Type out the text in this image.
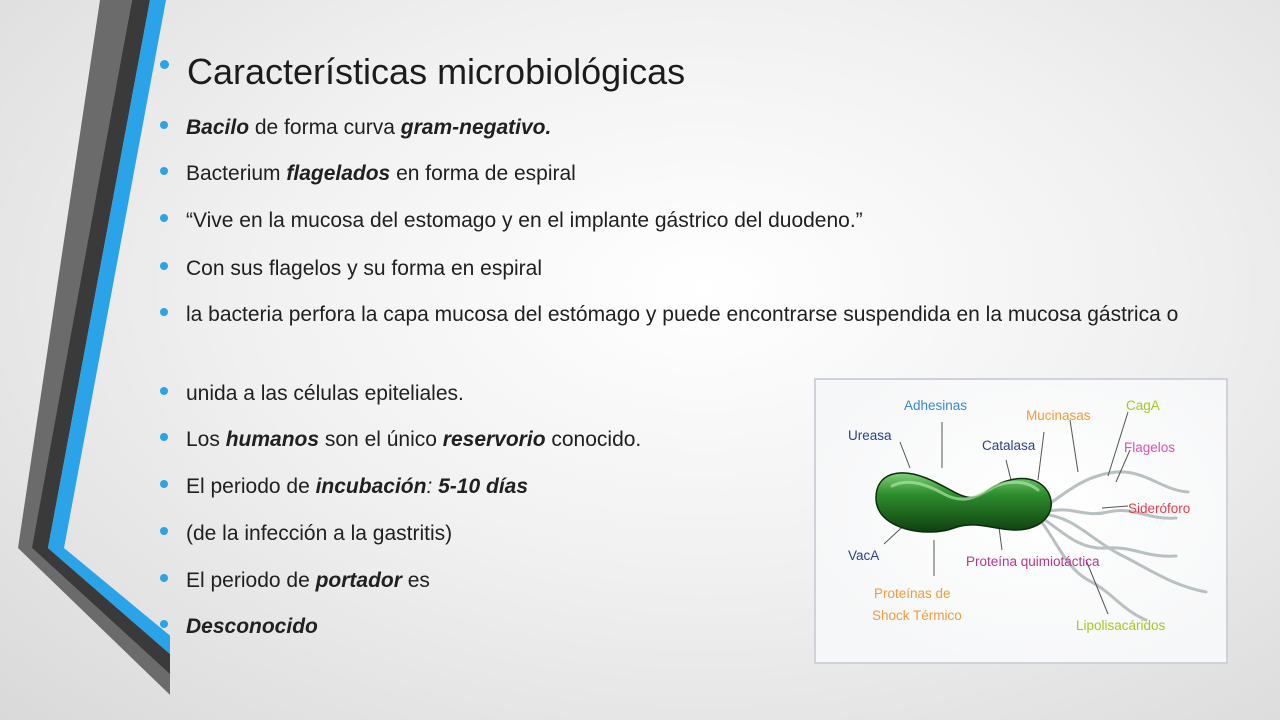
Características microbiológicas
Bacilo de forma curva gram-negativo.
Bacterium flagelados en forma de espiral
“Vive en la mucosa del estomago y en el implante gástrico del duodeno.”
Con sus flagelos y su forma en espiral
la bacteria perfora la capa mucosa del estómago y puede encontrarse suspendida en la mucosa gástrica o
unida a las células epiteliales.
Los humanos son el único reservorio conocido.
El periodo de incubación: 5-10 días
(de la infección a la gastritis)
El periodo de portador es
Desconocido
Adhesinas
Mucinasas
CagA
Ureasa
Catalasa	Flagelos
Sideróforo
VacA	Proteína quimiotáctica
Proteínas de
Shock Térmico
Lipolisacáridos
